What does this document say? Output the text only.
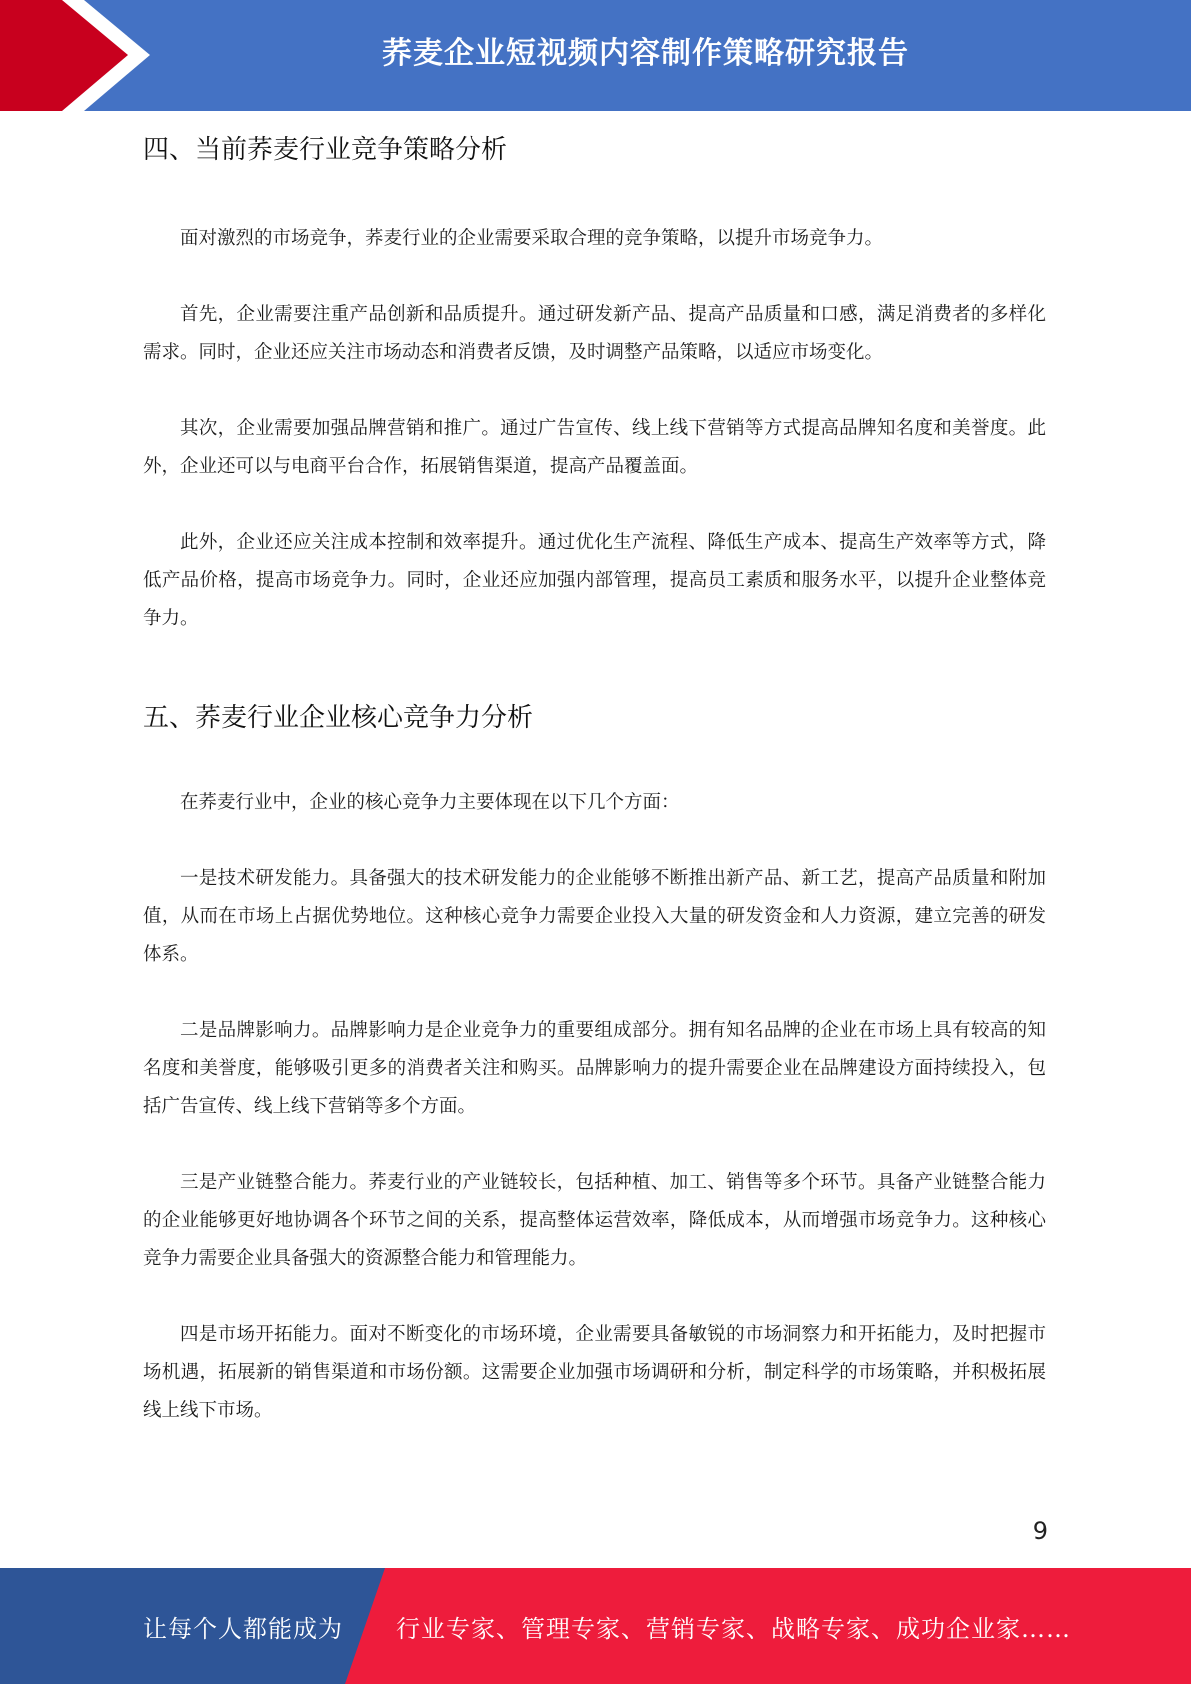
荞麦企业短视频内容制作策略研究报告
四、当前荞麦行业竞争策略分析

面对激烈的市场竞争，荞麦行业的企业需要采取合理的竞争策略，以提升市场竞争力。

首先，企业需要注重产品创新和品质提升。通过研发新产品、提高产品质量和口感，满足消费者的多样化需求。同时，企业还应关注市场动态和消费者反馈，及时调整产品策略，以适应市场变化。

其次，企业需要加强品牌营销和推广。通过广告宣传、线上线下营销等方式提高品牌知名度和美誉度。此外，企业还可以与电商平台合作，拓展销售渠道，提高产品覆盖面。

此外，企业还应关注成本控制和效率提升。通过优化生产流程、降低生产成本、提高生产效率等方式，降低产品价格，提高市场竞争力。同时，企业还应加强内部管理，提高员工素质和服务水平，以提升企业整体竞争力。

五、荞麦行业企业核心竞争力分析

在荞麦行业中，企业的核心竞争力主要体现在以下几个方面：

一是技术研发能力。具备强大的技术研发能力的企业能够不断推出新产品、新工艺，提高产品质量和附加值，从而在市场上占据优势地位。这种核心竞争力需要企业投入大量的研发资金和人力资源，建立完善的研发体系。

二是品牌影响力。品牌影响力是企业竞争力的重要组成部分。拥有知名品牌的企业在市场上具有较高的知名度和美誉度，能够吸引更多的消费者关注和购买。品牌影响力的提升需要企业在品牌建设方面持续投入，包括广告宣传、线上线下营销等多个方面。

三是产业链整合能力。荞麦行业的产业链较长，包括种植、加工、销售等多个环节。具备产业链整合能力的企业能够更好地协调各个环节之间的关系，提高整体运营效率，降低成本，从而增强市场竞争力。这种核心竞争力需要企业具备强大的资源整合能力和管理能力。

四是市场开拓能力。面对不断变化的市场环境，企业需要具备敏锐的市场洞察力和开拓能力，及时把握市场机遇，拓展新的销售渠道和市场份额。这需要企业加强市场调研和分析，制定科学的市场策略，并积极拓展线上线下市场。

9
让每个人都能成为 行业专家、管理专家、营销专家、战略专家、成功企业家……
